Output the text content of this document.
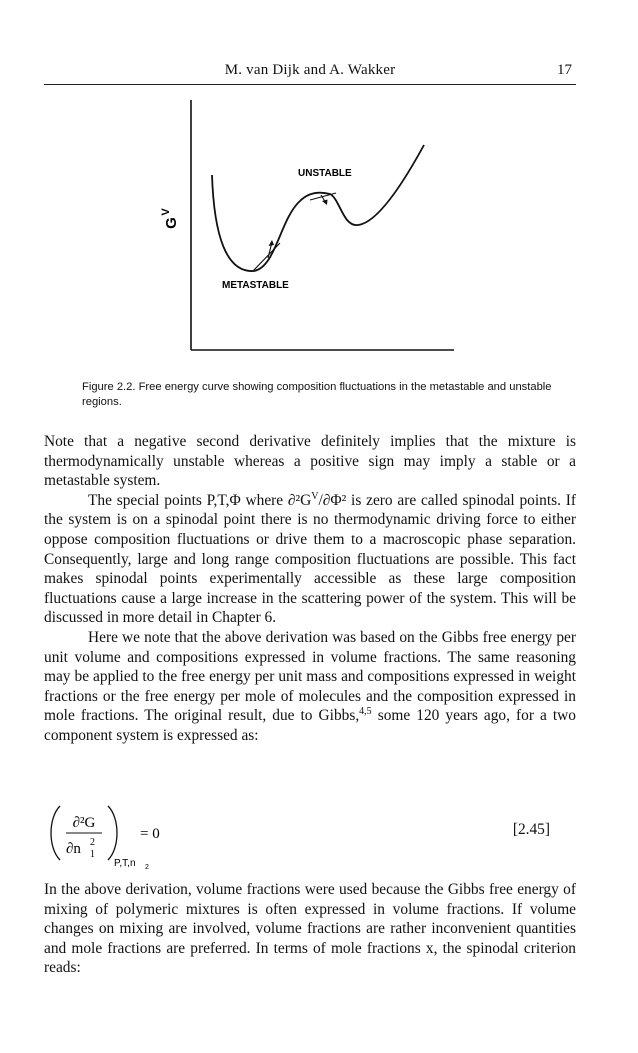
M. van Dijk and A. Wakker	17
G
V
UNSTABLE
METASTABLE
Figure 2.2. Free energy curve showing composition fluctuations in the metastable and unstable regions.

Note that a negative second derivative definitely implies that the mixture is thermodynamically unstable whereas a positive sign may imply a stable or a metastable system.

The special points P,T,Φ where $\partial^2G^V/\partial\Phi^2$ is zero are called spinodal points. If the system is on a spinodal point there is no thermodynamic driving force to either oppose composition fluctuations or drive them to a macroscopic phase separation. Consequently, large and long range composition fluctuations are possible. This fact makes spinodal points experimentally accessible as these large composition fluctuations cause a large increase in the scattering power of the system. This will be discussed in more detail in Chapter 6.

Here we note that the above derivation was based on the Gibbs free energy per unit volume and compositions expressed in volume fractions. The same reasoning may be applied to the free energy per unit mass and compositions expressed in weight fractions or the free energy per mole of molecules and the composition expressed in mole fractions. The original result, due to Gibbs,$^{4,5}$ some 120 years ago, for a two component system is expressed as:

∂²G
∂n 1
2
P,T,n 2
= 0	[2.45]

In the above derivation, volume fractions were used because the Gibbs free energy of mixing of polymeric mixtures is often expressed in volume fractions. If volume changes on mixing are involved, volume fractions are rather inconvenient quantities and mole fractions are preferred. In terms of mole fractions x, the spinodal criterion reads:
